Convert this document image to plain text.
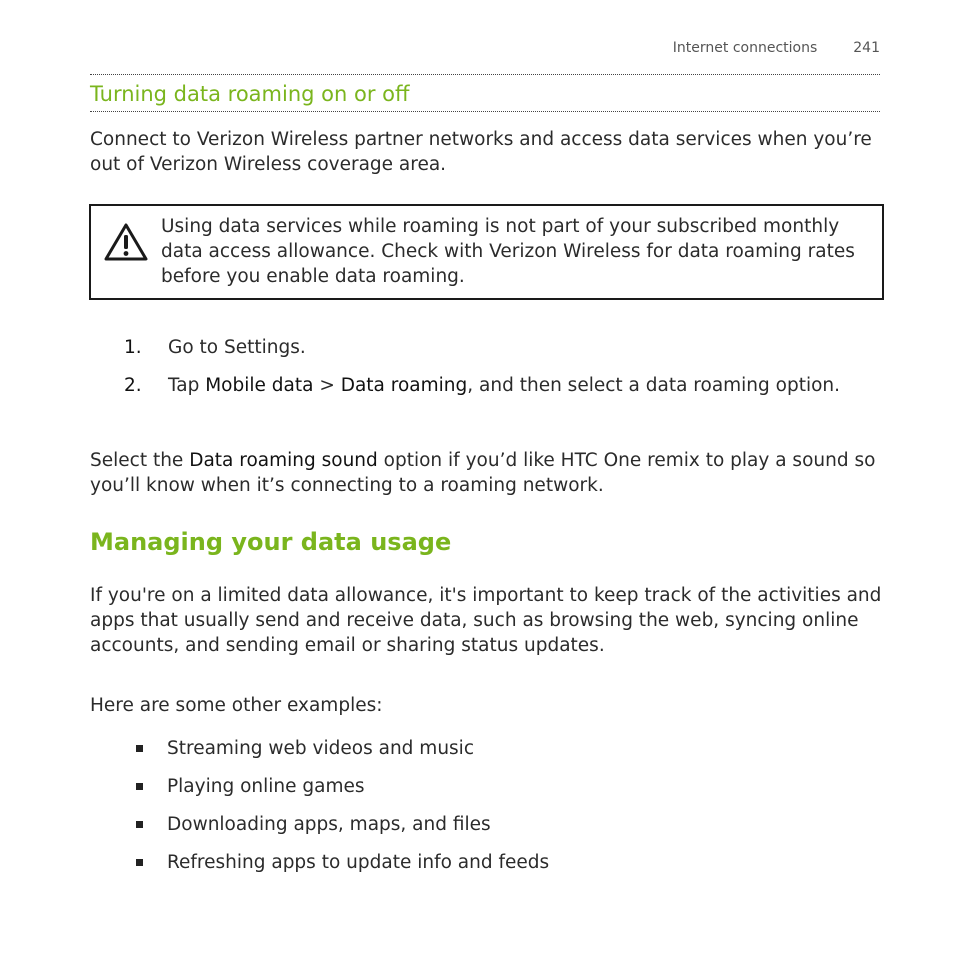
Internet connections	241
Turning data roaming on or off

Connect to Verizon Wireless partner networks and access data services when you’re out of Verizon Wireless coverage area.

Using data services while roaming is not part of your subscribed monthly data access allowance. Check with Verizon Wireless for data roaming rates before you enable data roaming.

1.	Go to Settings.
2.	Tap Mobile data > Data roaming, and then select a data roaming option.

Select the Data roaming sound option if you’d like HTC One remix to play a sound so you’ll know when it’s connecting to a roaming network.

Managing your data usage

If you're on a limited data allowance, it's important to keep track of the activities and apps that usually send and receive data, such as browsing the web, syncing online accounts, and sending email or sharing status updates.

Here are some other examples:

Streaming web videos and music
Playing online games
Downloading apps, maps, and files
Refreshing apps to update info and feeds
